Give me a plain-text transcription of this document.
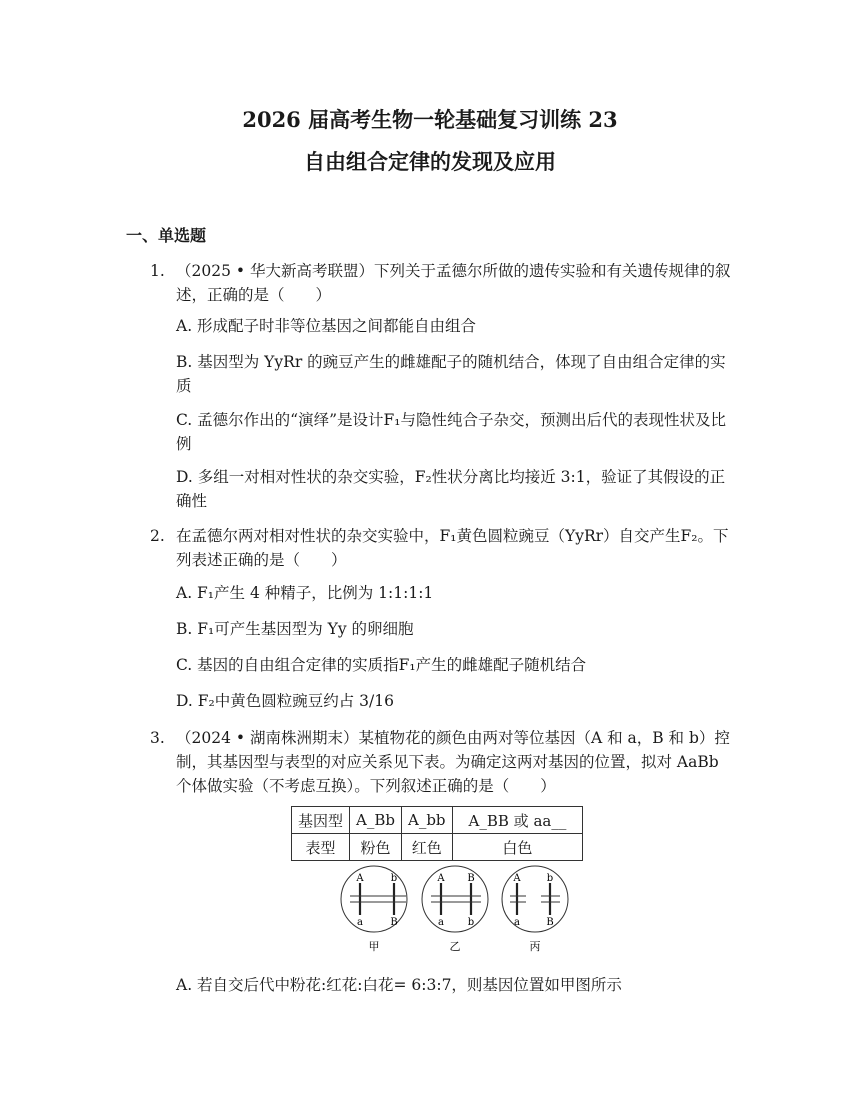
2026 届高考生物一轮基础复习训练 23
自由组合定律的发现及应用
一、单选题
1. （2025 • 华大新高考联盟）下列关于孟德尔所做的遗传实验和有关遗传规律的叙述，正确的是（　　）
A. 形成配子时非等位基因之间都能自由组合
B. 基因型为 YyRr 的豌豆产生的雌雄配子的随机结合，体现了自由组合定律的实质
C. 孟德尔作出的“演绎”是设计F₁与隐性纯合子杂交，预测出后代的表现性状及比例
D. 多组一对相对性状的杂交实验，F₂性状分离比均接近 3:1，验证了其假设的正确性
2. 在孟德尔两对相对性状的杂交实验中，F₁黄色圆粒豌豆（YyRr）自交产生F₂。下列表述正确的是（　　）
A. F₁产生 4 种精子，比例为 1:1:1:1
B. F₁可产生基因型为 Yy 的卵细胞
C. 基因的自由组合定律的实质指F₁产生的雌雄配子随机结合
D. F₂中黄色圆粒豌豆约占 3/16
3. （2024 • 湖南株洲期末）某植物花的颜色由两对等位基因（A 和 a，B 和 b）控制，其基因型与表型的对应关系见下表。为确定这两对基因的位置，拟对 AaBb 个体做实验（不考虑互换）。下列叙述正确的是（　　）
基因型	A_Bb	A_bb	A_BB 或 aa__
表型	粉色	红色	白色
A	b
a	B
甲
A B
a b
乙
A	b
a	B
丙
A. 若自交后代中粉花:红花:白花= 6:3:7，则基因位置如甲图所示
